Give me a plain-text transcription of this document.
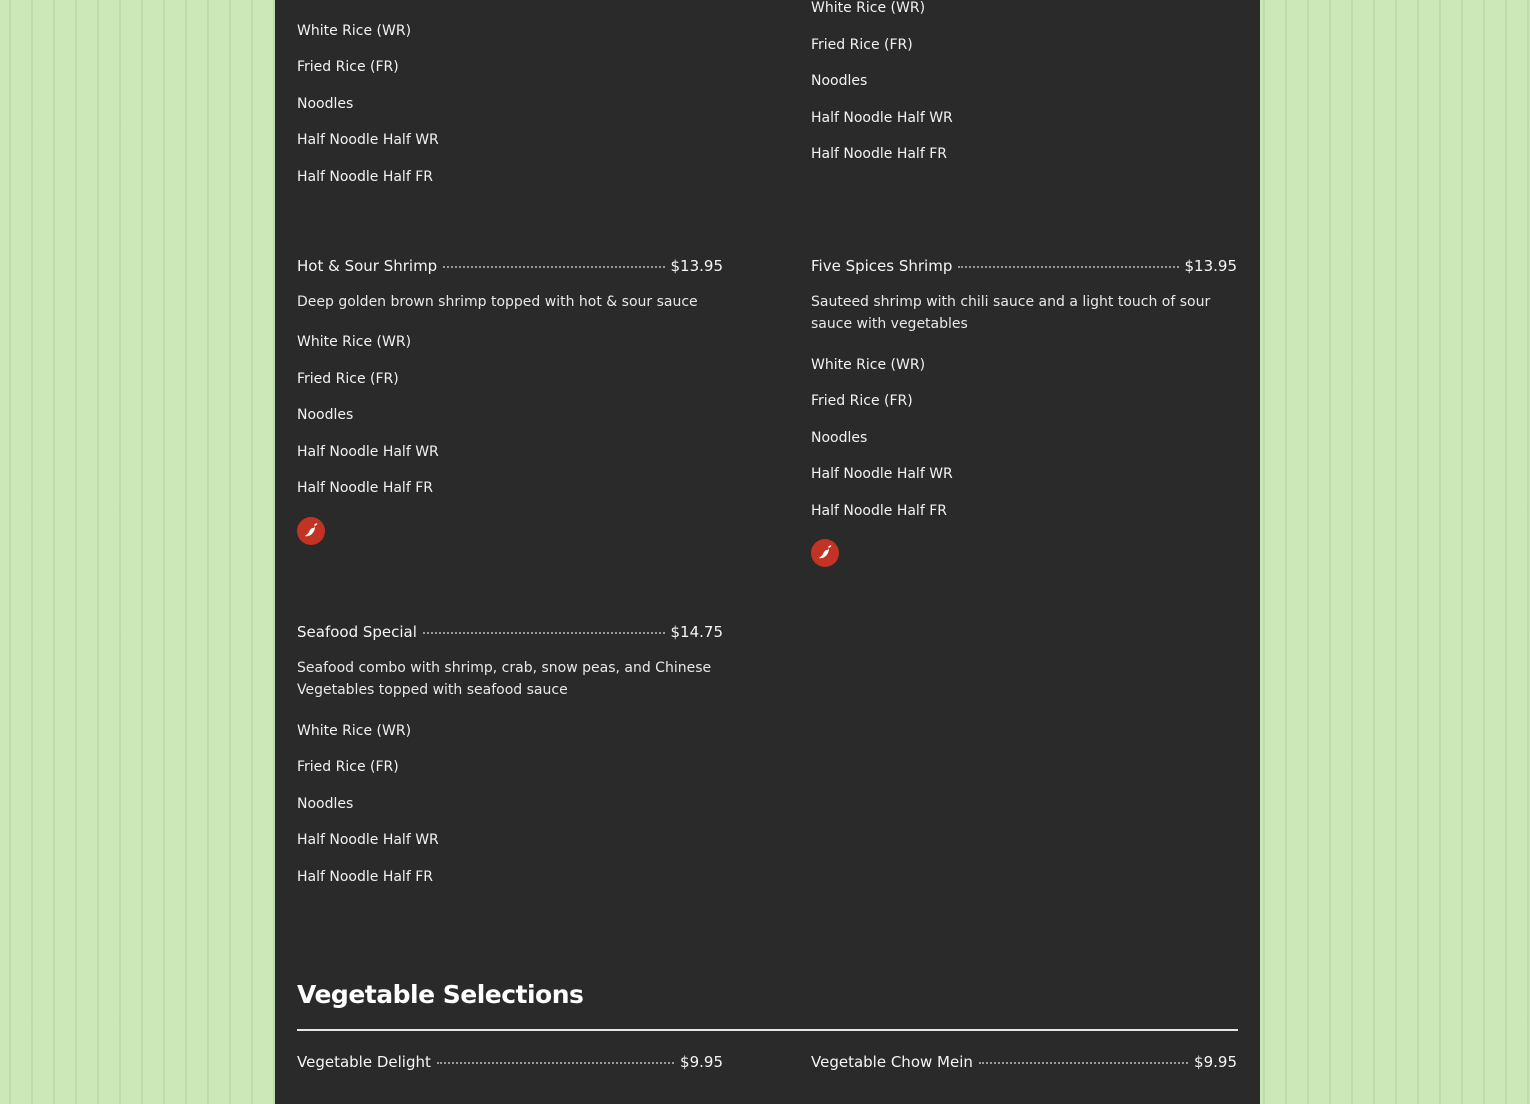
White Rice (WR)
Fried Rice (FR)
Noodles
Half Noodle Half WR
Half Noodle Half FR
Hot & Sour Shrimp	$13.95
Deep golden brown shrimp topped with hot & sour sauce
White Rice (WR)
Fried Rice (FR)
Noodles
Half Noodle Half WR
Half Noodle Half FR
Seafood Special	$14.75
Seafood combo with shrimp, crab, snow peas, and Chinese Vegetables topped with seafood sauce
White Rice (WR)
Fried Rice (FR)
Noodles
Half Noodle Half WR
Half Noodle Half FR
Vegetable Delight	$9.95
White Rice (WR)
Fried Rice (FR)
Noodles
Half Noodle Half WR
Half Noodle Half FR
Five Spices Shrimp	$13.95
Sauteed shrimp with chili sauce and a light touch of sour sauce with vegetables
White Rice (WR)
Fried Rice (FR)
Noodles
Half Noodle Half WR
Half Noodle Half FR
Vegetable Chow Mein	$9.95
Vegetable Selections
